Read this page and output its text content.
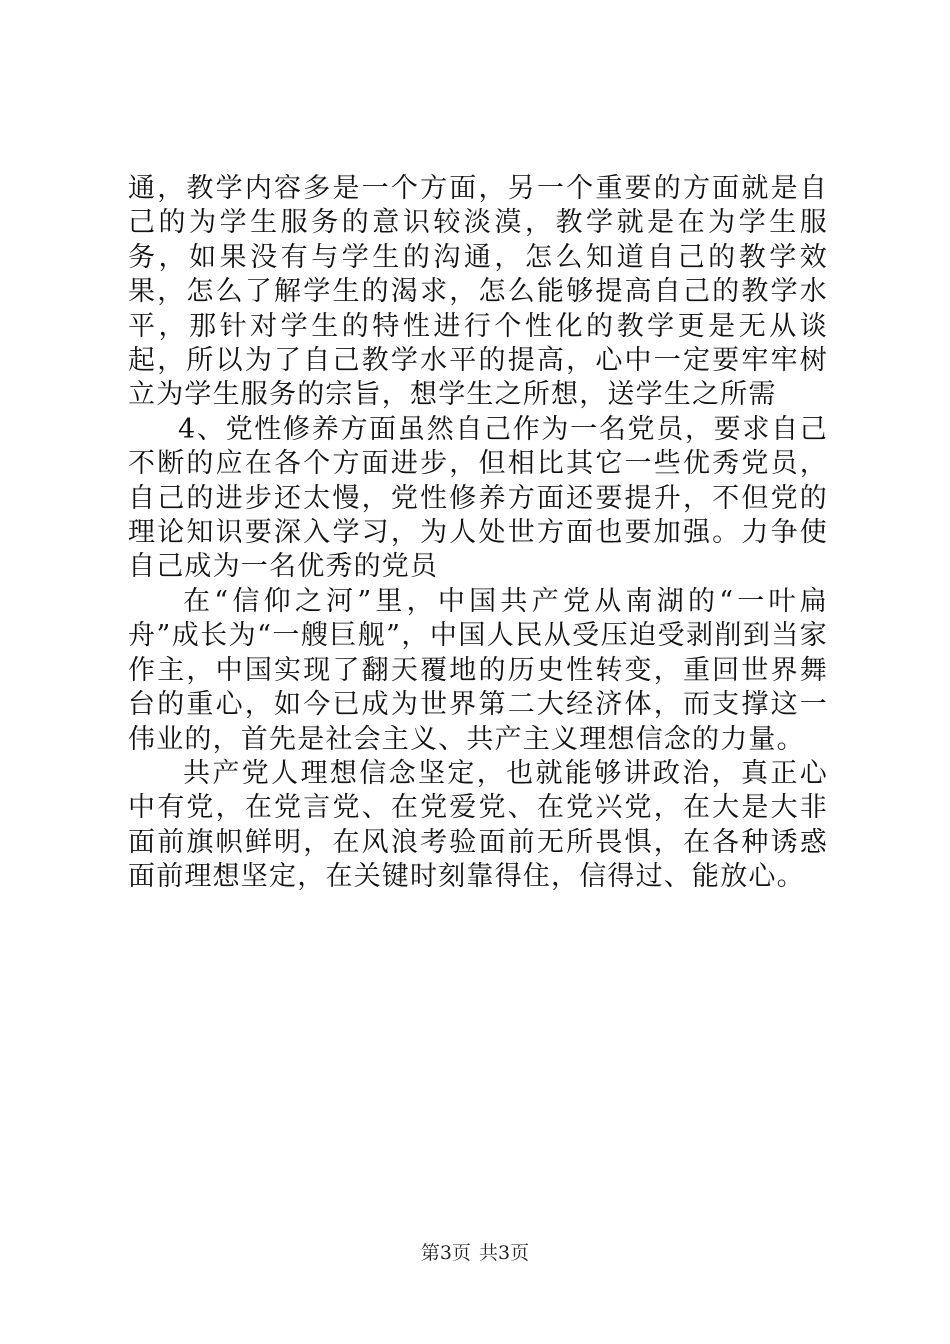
通，教学内容多是一个方面，另一个重要的方面就是自己的为学生服务的意识较淡漠，教学就是在为学生服务，如果没有与学生的沟通，怎么知道自己的教学效果，怎么了解学生的渴求，怎么能够提高自己的教学水平，那针对学生的特性进行个性化的教学更是无从谈起，所以为了自己教学水平的提高，心中一定要牢牢树立为学生服务的宗旨，想学生之所想，送学生之所需

4、党性修养方面虽然自己作为一名党员，要求自己不断的应在各个方面进步，但相比其它一些优秀党员，自己的进步还太慢，党性修养方面还要提升，不但党的理论知识要深入学习，为人处世方面也要加强。力争使自己成为一名优秀的党员

在“信仰之河”里，中国共产党从南湖的“一叶扁舟”成长为“一艘巨舰”，中国人民从受压迫受剥削到当家作主，中国实现了翻天覆地的历史性转变，重回世界舞台的重心，如今已成为世界第二大经济体，而支撑这一伟业的，首先是社会主义、共产主义理想信念的力量。

共产党人理想信念坚定，也就能够讲政治，真正心中有党，在党言党、在党爱党、在党兴党，在大是大非面前旗帜鲜明，在风浪考验面前无所畏惧，在各种诱惑面前理想坚定，在关键时刻靠得住，信得过、能放心。

第3页 共3页
